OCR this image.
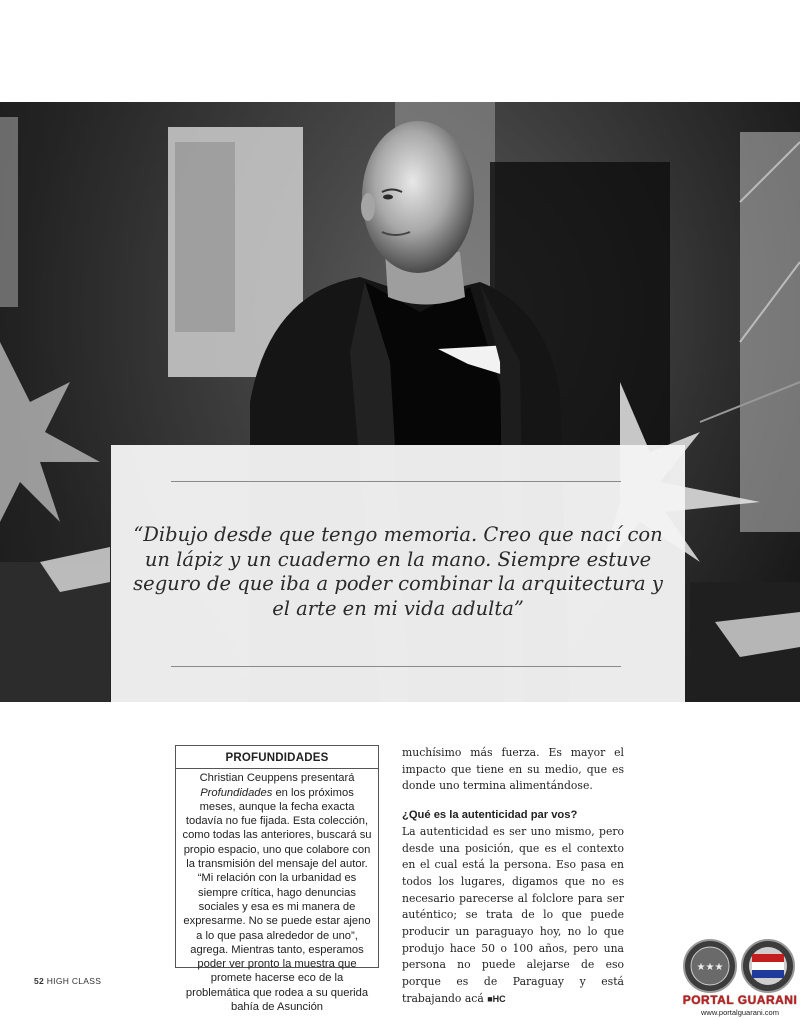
“Dibujo desde que tengo memoria. Creo que nací con un lápiz y un cuaderno en la mano. Siempre estuve seguro de que iba a poder combinar la arquitectura y el arte en mi vida adulta”
PROFUNDIDADES
Christian Ceuppens presentará Profundidades en los próximos meses, aunque la fecha exacta todavía no fue fijada. Esta colección, como todas las anteriores, buscará su propio espacio, uno que colabore con la transmisión del mensaje del autor. “Mi relación con la urbanidad es siempre crítica, hago denuncias sociales y esa es mi manera de expresarme. No se puede estar ajeno a lo que pasa alrededor de uno”, agrega. Mientras tanto, esperamos poder ver pronto la muestra que promete hacerse eco de la problemática que rodea a su querida bahía de Asunción

muchísimo más fuerza. Es mayor el impacto que tiene en su medio, que es donde uno termina alimentándose.

¿Qué es la autenticidad par vos?

La autenticidad es ser uno mismo, pero desde una posición, que es el contexto en el cual está la persona. Eso pasa en todos los lugares, digamos que no es necesario parecerse al folclore para ser auténtico; se trata de lo que puede producir un paraguayo hoy, no lo que produjo hace 50 o 100 años, pero una persona no puede alejarse de eso porque es de Paraguay y está trabajando acá ■HC

52 HIGH CLASS
★★★
PORTAL GUARANI
www.portalguarani.com
